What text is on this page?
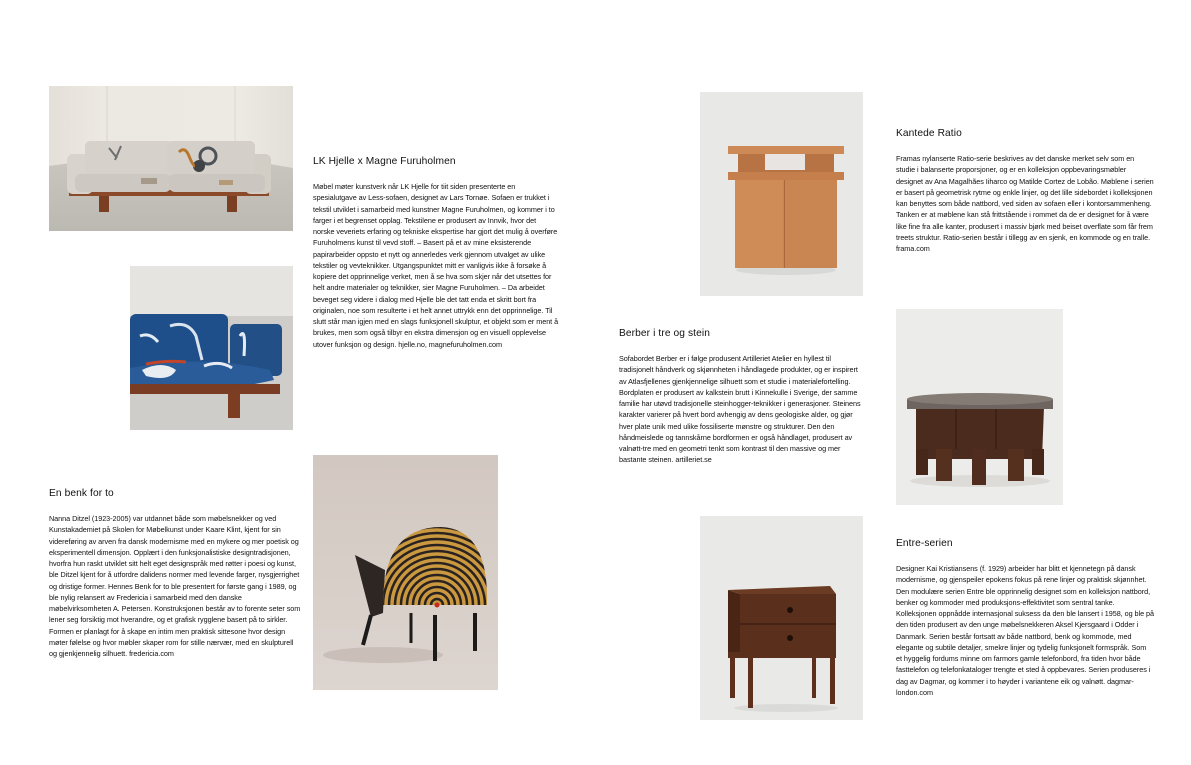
LK Hjelle x Magne Furuholmen

Møbel møter kunstverk når LK Hjelle for tiit siden presenterte en spesialutgave av Less-sofaen, designet av Lars Tornøe. Sofaen er trukket i tekstil utviklet i samarbeid med kunstner Magne Furuholmen, og kommer i to farger i et begrenset opplag. Tekstilene er produsert av Innvik, hvor det norske veveriets erfaring og tekniske ekspertise har gjort det mulig å overføre Furuholmens kunst til vevd stoff. – Basert på et av mine eksisterende papirarbeider oppsto et nytt og annerledes verk gjennom utvalget av ulike tekstiler og vevteknikker. Utgangspunktet mitt er vanligvis ikke å forsøke å kopiere det opprinnelige verket, men å se hva som skjer når det utsettes for helt andre materialer og teknikker, sier Magne Furuholmen. – Da arbeidet beveget seg videre i dialog med Hjelle ble det tatt enda et skritt bort fra originalen, noe som resulterte i et helt annet uttrykk enn det opprinnelige. Til slutt står man igjen med en slags funksjonell skulptur, et objekt som er ment å brukes, men som også tilbyr en ekstra dimensjon og en visuell opplevelse utover funksjon og design. hjelle.no, magnefuruholmen.com

En benk for to

Nanna Ditzel (1923-2005) var utdannet både som møbelsnekker og ved Kunstakademiet på Skolen for Møbelkunst under Kaare Klint, kjent for sin videreføring av arven fra dansk modernisme med en mykere og mer poetisk og eksperimentell dimensjon. Opplært i den funksjonalistiske designtradisjonen, hvorfra hun raskt utviklet sitt helt eget designspråk med røtter i poesi og kunst, ble Ditzel kjent for å utfordre dalidens normer med levende farger, nysgjerrighet og dristige former. Hennes Benk for to ble presentert for første gang i 1989, og ble nylig relansert av Fredericia i samarbeid med den danske møbelvirksomheten A. Petersen. Konstruksjonen består av to forente seter som lener seg forsiktig mot hverandre, og et grafisk rygglene basert på to sirkler. Formen er planlagt for å skape en intim men praktisk sittesone hvor design møter følelse og hvor møbler skaper rom for stille nærvær, med en skulpturell og gjenkjennelig silhuett. fredericia.com

Kantede Ratio

Framas nylanserte Ratio-serie beskrives av det danske merket selv som en studie i balanserte proporsjoner, og er en kolleksjon oppbevaringsmøbler designet av Ana Magalhães Iiharco og Matilde Cortez de Lobão. Møblene i serien er basert på geometrisk rytme og enkle linjer, og det lille sidebordet i kolleksjonen kan benyttes som både nattbord, ved siden av sofaen eller i kontorsammenheng. Tanken er at møblene kan stå frittstående i rommet da de er designet for å være like fine fra alle kanter, produsert i massiv bjørk med beiset overflate som får frem treets struktur. Ratio-serien består i tillegg av en sjenk, en kommode og en tralle. frama.com

Berber i tre og stein

Sofabordet Berber er i følge produsent Artilleriet Atelier en hyllest til tradisjonelt håndverk og skjønnheten i håndlagede produkter, og er inspirert av Atlasfjellenes gjenkjennelige silhuett som et studie i materialefortelling. Bordplaten er produsert av kalkstein brutt i Kinnekulle i Sverige, der samme familie har utøvd tradisjonelle steinhogger-teknikker i generasjoner. Steinens karakter varierer på hvert bord avhengig av dens geologiske alder, og gjør hver plate unik med ulike fossiliserte mønstre og strukturer. Den den håndmeislede og tannskårne bordformen er også håndlaget, produsert av valnøtt-tre med en geometri tenkt som kontrast til den massive og mer bastante steinen. artilleriet.se

Entre-serien

Designer Kai Kristiansens (f. 1929) arbeider har blitt et kjennetegn på dansk modernisme, og gjenspeiler epokens fokus på rene linjer og praktisk skjønnhet. Den modulære serien Entre ble opprinnelig designet som en kolleksjon nattbord, benker og kommoder med produksjons-effektivitet som sentral tanke. Kolleksjonen oppnådde internasjonal suksess da den ble lansert i 1958, og ble på den tiden produsert av den unge møbelsnekkeren Aksel Kjersgaard i Odder i Danmark. Serien består fortsatt av både nattbord, benk og kommode, med elegante og subtile detaljer, smekre linjer og tydelig funksjonelt formspråk. Som et hyggelig fordums minne om farmors gamle telefonbord, fra tiden hvor både fasttelefon og telefonkataloger trengte et sted å oppbevares. Serien produseres i dag av Dagmar, og kommer i to høyder i variantene eik og valnøtt. dagmar-london.com
